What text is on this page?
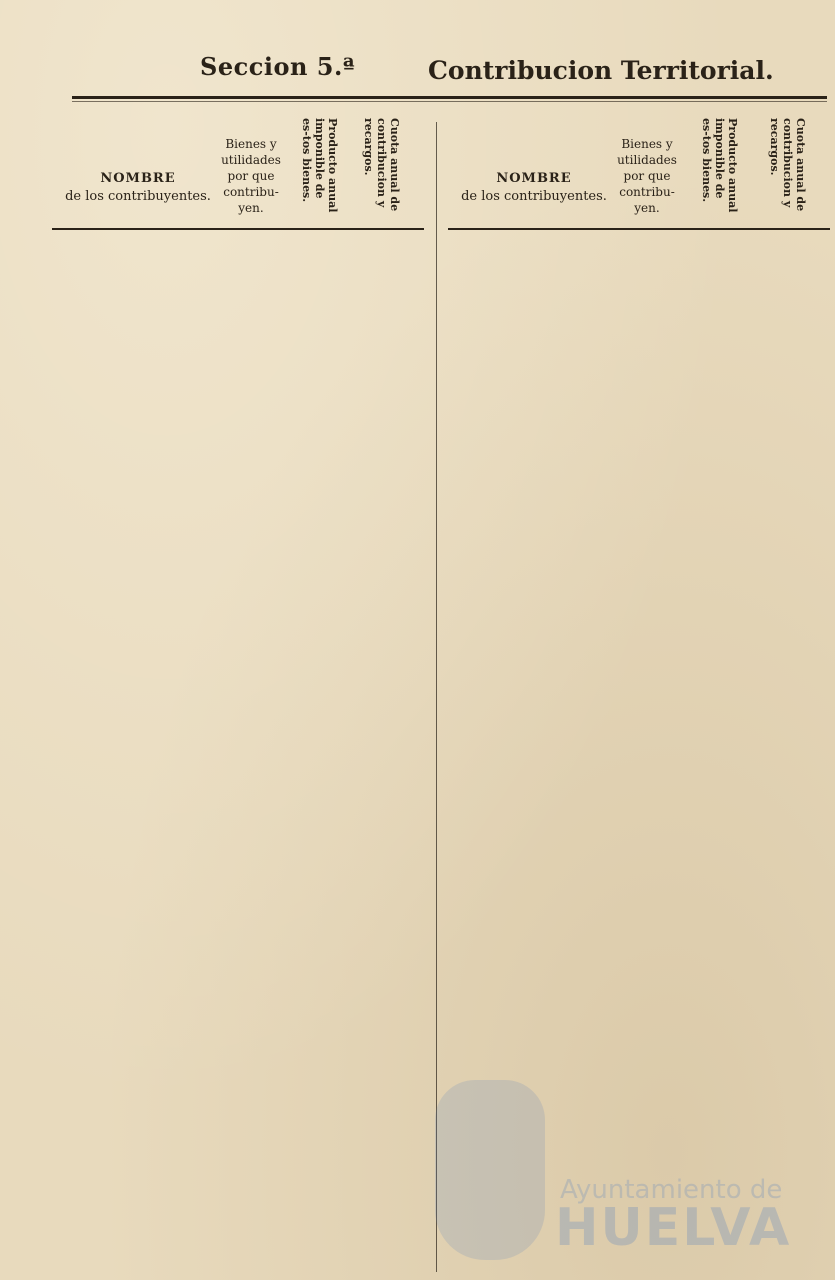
Seccion 5.ª	Contribucion Territorial.
NOMBRE
de los contribuyentes.
Bienes y utilidades por que contribu-yen.	Producto anual imponible de es-tos bienes.	Cuota anual de contribucion y recargos.
NOMBRE
de los contribuyentes.
Bienes y utilidades por que contribu-yen.	Producto anual imponible de es-tos bienes.	Cuota anual de contribucion y recargos.
Ayuntamiento de
HUELVA
